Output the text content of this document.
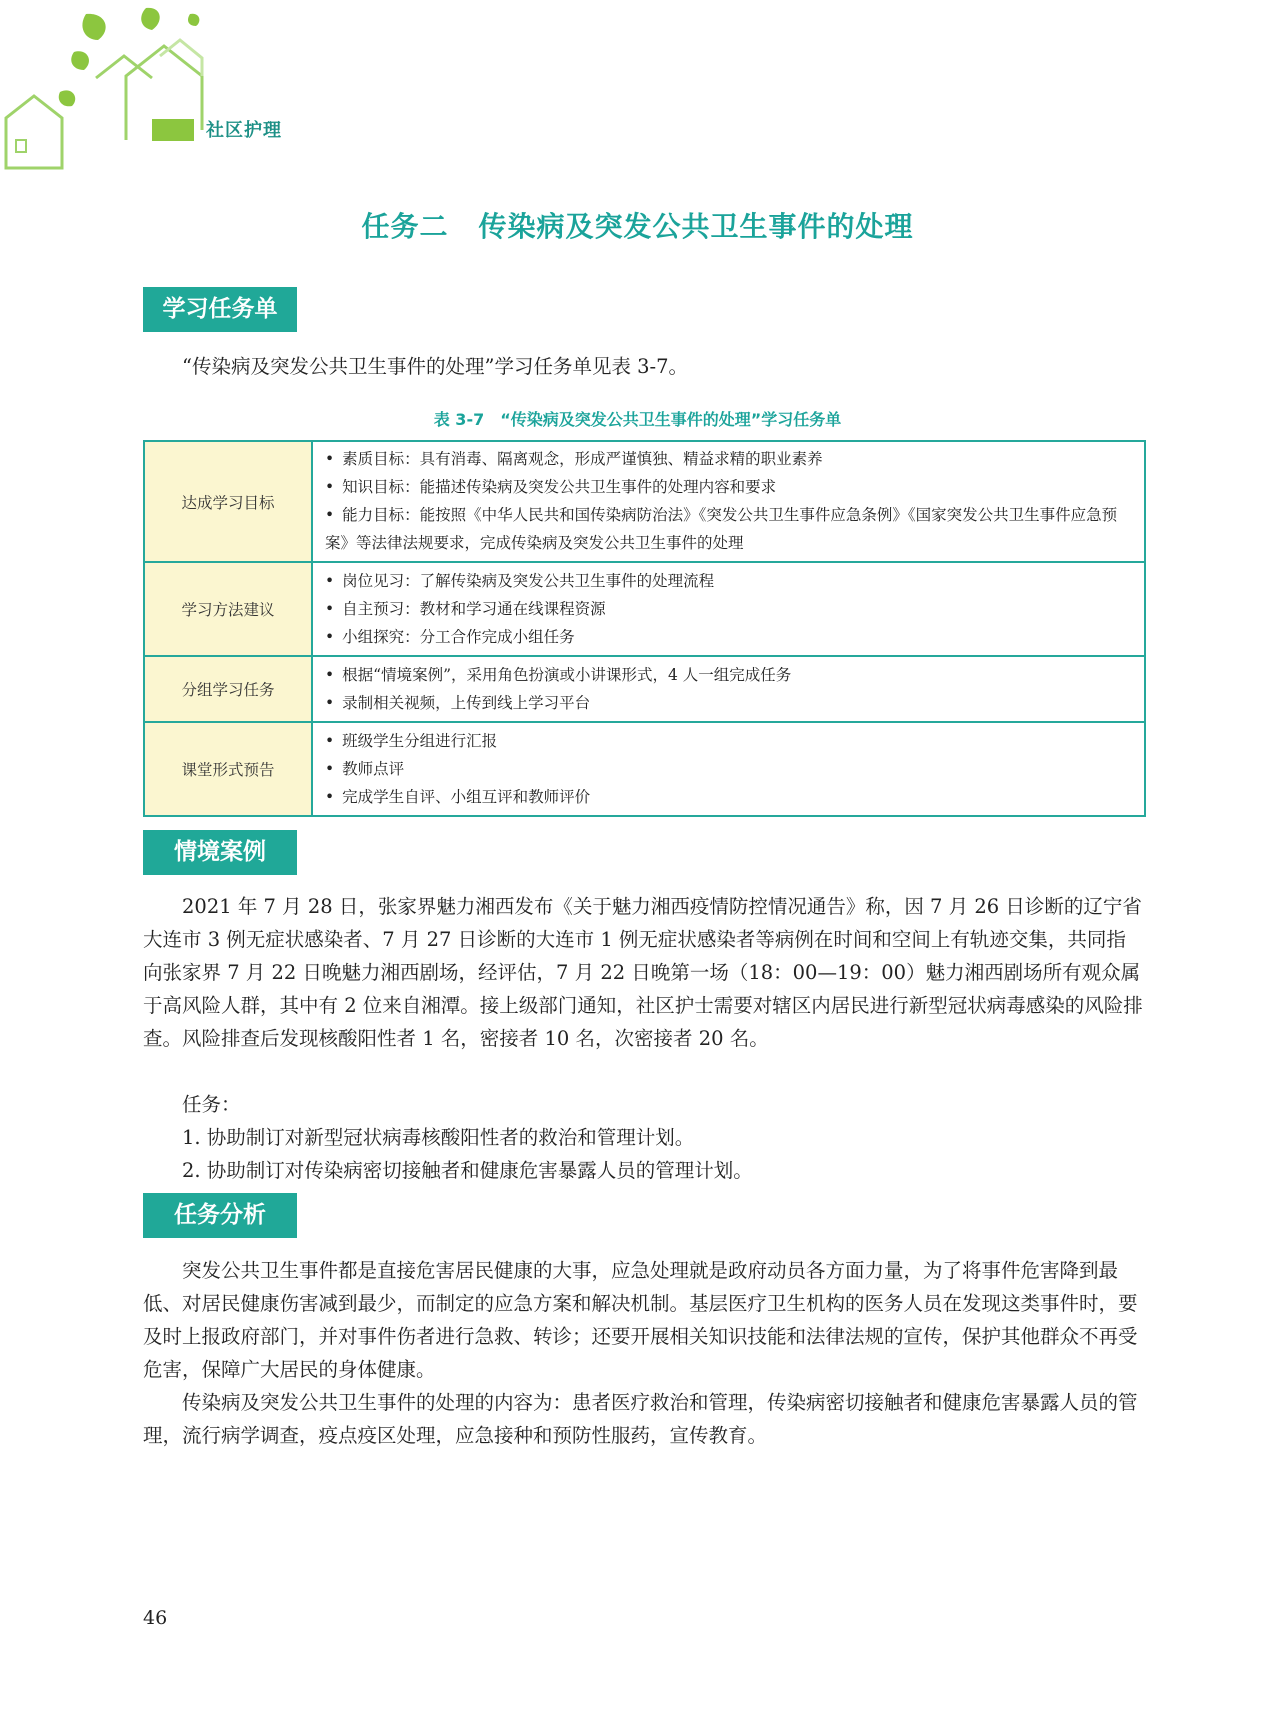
社区护理
任务二 传染病及突发公共卫生事件的处理
学习任务单

“传染病及突发公共卫生事件的处理”学习任务单见表 3-7。

表 3-7　“传染病及突发公共卫生事件的处理”学习任务单
达成学习目标	• 素质目标：具有消毒、隔离观念，形成严谨慎独、精益求精的职业素养
• 知识目标：能描述传染病及突发公共卫生事件的处理内容和要求
• 能力目标：能按照《中华人民共和国传染病防治法》《突发公共卫生事件应急条例》《国家突发公共卫生事件应急预案》等法律法规要求，完成传染病及突发公共卫生事件的处理

学习方法建议	• 岗位见习：了解传染病及突发公共卫生事件的处理流程
• 自主预习：教材和学习通在线课程资源
• 小组探究：分工合作完成小组任务

分组学习任务	• 根据“情境案例”，采用角色扮演或小讲课形式，4 人一组完成任务
• 录制相关视频，上传到线上学习平台

课堂形式预告	• 班级学生分组进行汇报
• 教师点评
• 完成学生自评、小组互评和教师评价
情境案例

2021 年 7 月 28 日，张家界魅力湘西发布《关于魅力湘西疫情防控情况通告》称，因 7 月 26 日诊断的辽宁省大连市 3 例无症状感染者、7 月 27 日诊断的大连市 1 例无症状感染者等病例在时间和空间上有轨迹交集，共同指向张家界 7 月 22 日晚魅力湘西剧场，经评估，7 月 22 日晚第一场（18：00—19：00）魅力湘西剧场所有观众属于高风险人群，其中有 2 位来自湘潭。接上级部门通知，社区护士需要对辖区内居民进行新型冠状病毒感染的风险排查。风险排查后发现核酸阳性者 1 名，密接者 10 名，次密接者 20 名。

任务：

1. 协助制订对新型冠状病毒核酸阳性者的救治和管理计划。

2. 协助制订对传染病密切接触者和健康危害暴露人员的管理计划。

任务分析

突发公共卫生事件都是直接危害居民健康的大事，应急处理就是政府动员各方面力量，为了将事件危害降到最低、对居民健康伤害减到最少，而制定的应急方案和解决机制。基层医疗卫生机构的医务人员在发现这类事件时，要及时上报政府部门，并对事件伤者进行急救、转诊；还要开展相关知识技能和法律法规的宣传，保护其他群众不再受危害，保障广大居民的身体健康。

传染病及突发公共卫生事件的处理的内容为：患者医疗救治和管理，传染病密切接触者和健康危害暴露人员的管理，流行病学调查，疫点疫区处理，应急接种和预防性服药，宣传教育。

46
